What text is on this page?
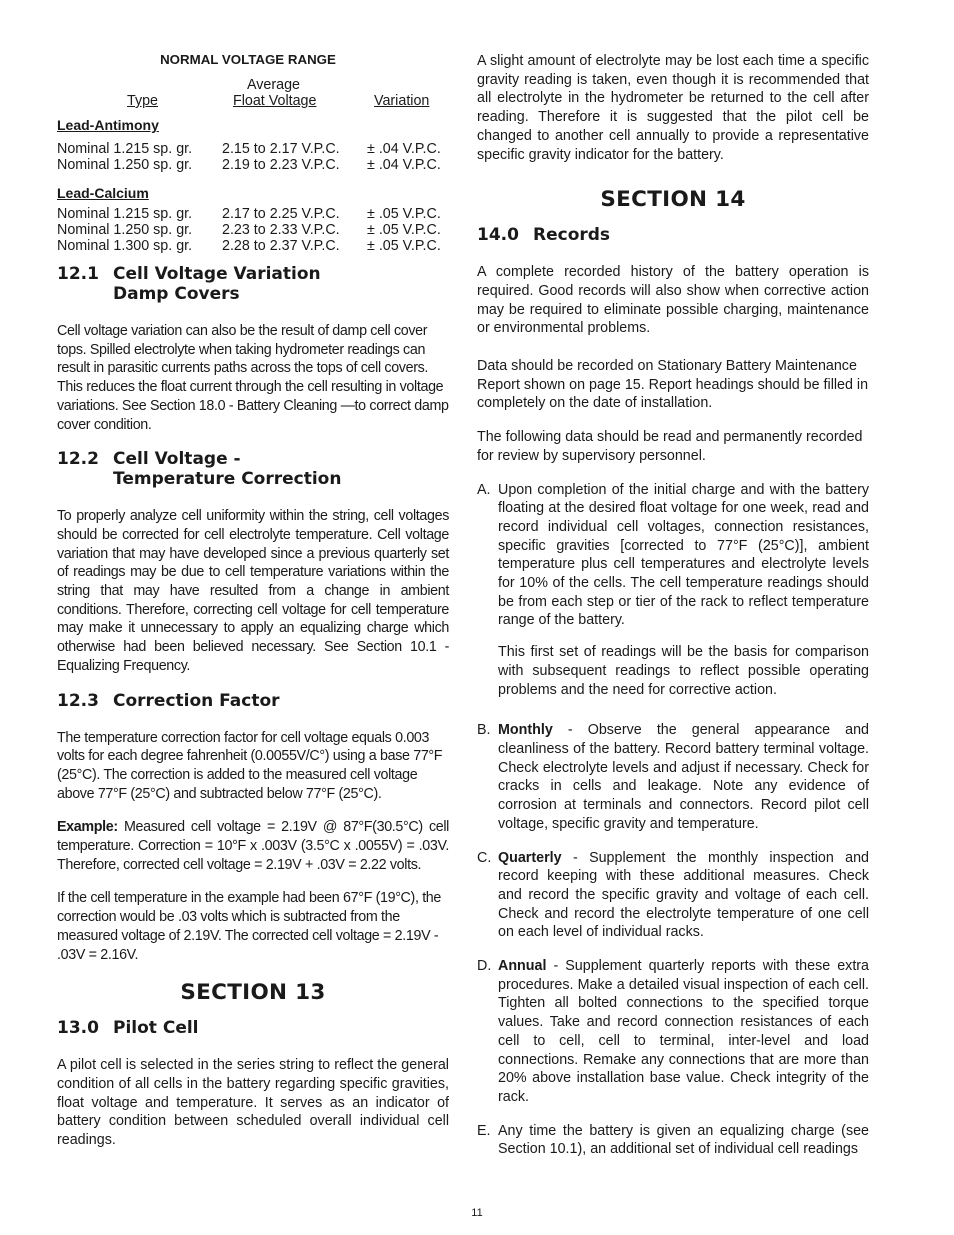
NORMAL VOLTAGE RANGE
Average
Type	Float Voltage	Variation
Lead-Antimony
Nominal 1.215 sp. gr. 2.15 to 2.17 V.P.C. ± .04 V.P.C.
Nominal 1.250 sp. gr. 2.19 to 2.23 V.P.C. ± .04 V.P.C.
Lead-Calcium
Nominal 1.215 sp. gr. 2.17 to 2.25 V.P.C. ± .05 V.P.C.
Nominal 1.250 sp. gr. 2.23 to 2.33 V.P.C. ± .05 V.P.C.
Nominal 1.300 sp. gr. 2.28 to 2.37 V.P.C. ± .05 V.P.C.
12.1 Cell Voltage Variation
Damp Covers

Cell voltage variation can also be the result of damp cell cover tops. Spilled electrolyte when taking hydrometer readings can result in parasitic currents paths across the tops of cell covers. This reduces the float current through the cell resulting in voltage variations. See Section 18.0 - Battery Cleaning —to correct damp cover condition.

12.2 Cell Voltage -
Temperature Correction

To properly analyze cell uniformity within the string, cell voltages should be corrected for cell electrolyte temperature. Cell voltage variation that may have developed since a previous quarterly set of readings may be due to cell temperature variations within the string that may have resulted from a change in ambient conditions. Therefore, correcting cell voltage for cell temperature may make it unnecessary to apply an equalizing charge which otherwise had been believed necessary. See Section 10.1 - Equalizing Frequency.

12.3 Correction Factor

The temperature correction factor for cell voltage equals 0.003 volts for each degree fahrenheit (0.0055V/C°) using a base 77°F (25°C). The correction is added to the measured cell voltage above 77°F (25°C) and subtracted below 77°F (25°C).

Example: Measured cell voltage = 2.19V @ 87°F(30.5°C) cell temperature. Correction = 10°F x .003V (3.5°C x .0055V) = .03V. Therefore, corrected cell voltage = 2.19V + .03V = 2.22 volts.

If the cell temperature in the example had been 67°F (19°C), the correction would be .03 volts which is subtracted from the measured voltage of 2.19V. The corrected cell voltage = 2.19V - .03V = 2.16V.

SECTION 13
13.0 Pilot Cell

A pilot cell is selected in the series string to reflect the general condition of all cells in the battery regarding specific gravities, float voltage and temperature. It serves as an indicator of battery condition between scheduled overall individual cell readings.

A slight amount of electrolyte may be lost each time a specific gravity reading is taken, even though it is recommended that all electrolyte in the hydrometer be returned to the cell after reading. Therefore it is suggested that the pilot cell be changed to another cell annually to provide a representative specific gravity indicator for the battery.

SECTION 14
14.0 Records

A complete recorded history of the battery operation is required. Good records will also show when corrective action may be required to eliminate possible charging, maintenance or environmental problems.

Data should be recorded on Stationary Battery Maintenance Report shown on page 15. Report headings should be filled in completely on the date of installation.

The following data should be read and permanently recorded for review by supervisory personnel.

A. Upon completion of the initial charge and with the battery floating at the desired float voltage for one week, read and record individual cell voltages, connection resistances, specific gravities [corrected to 77°F (25°C)], ambient temperature plus cell temperatures and electrolyte levels for 10% of the cells. The cell temperature readings should be from each step or tier of the rack to reflect temperature range of the battery.

This first set of readings will be the basis for comparison with subsequent readings to reflect possible operating problems and the need for corrective action.

B. Monthly - Observe the general appearance and cleanliness of the battery. Record battery terminal voltage. Check electrolyte levels and adjust if necessary. Check for cracks in cells and leakage. Note any evidence of corrosion at terminals and connectors. Record pilot cell voltage, specific gravity and temperature.

C. Quarterly - Supplement the monthly inspection and record keeping with these additional measures. Check and record the specific gravity and voltage of each cell. Check and record the electrolyte temperature of one cell on each level of individual racks.

D. Annual - Supplement quarterly reports with these extra procedures. Make a detailed visual inspection of each cell. Tighten all bolted connections to the specified torque values. Take and record connection resistances of each cell to cell, cell to terminal, inter-level and load connections. Remake any connections that are more than 20% above installation base value. Check integrity of the rack.

E. Any time the battery is given an equalizing charge (see Section 10.1), an additional set of individual cell readings

11
